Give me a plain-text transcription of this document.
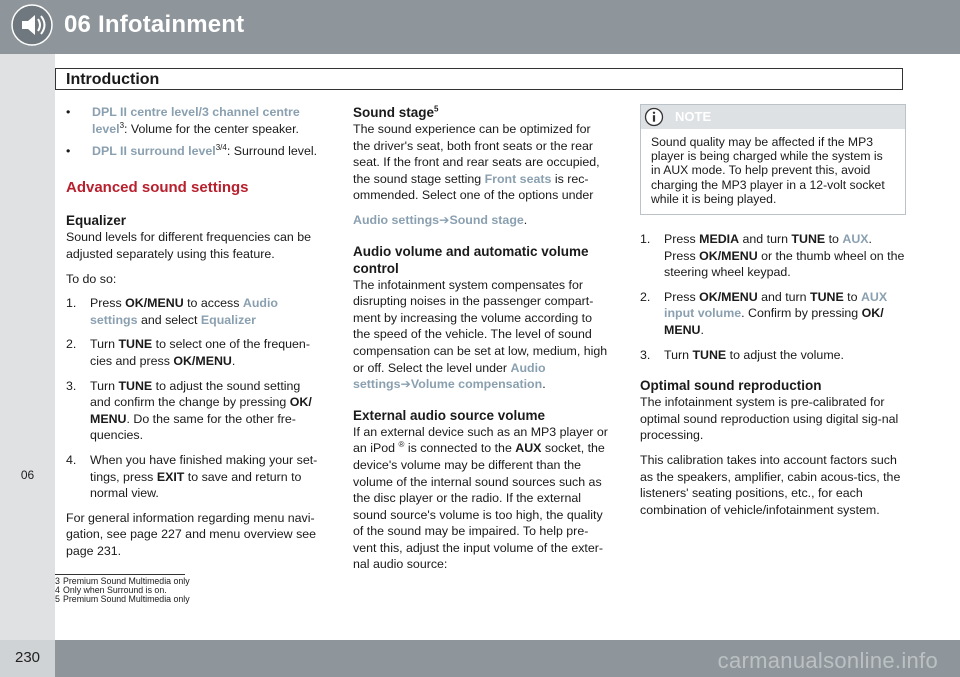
06 Infotainment
06
Introduction
• DPL II centre level/3 channel centre level$^3$: Volume for the center speaker.
• DPL II surround level$^{3/4}$: Surround level.
Advanced sound settings
Equalizer

Sound levels for different frequencies can be adjusted separately using this feature.

To do so:

1. Press OK/MENU to access Audio settings and select Equalizer
2. Turn TUNE to select one of the frequen-cies and press OK/MENU.
3. Turn TUNE to adjust the sound setting and confirm the change by pressing OK/ MENU. Do the same for the other fre-quencies.
4. When you have finished making your set-tings, press EXIT to save and return to normal view.

For general information regarding menu navi-gation, see page 227 and menu overview see page 231.

Sound stage$^5$

The sound experience can be optimized for the driver's seat, both front seats or the rear seat. If the front and rear seats are occupied, the sound stage setting Front seats is rec-ommended. Select one of the options under

Audio settings➔Sound stage.

Audio volume and automatic volume control

The infotainment system compensates for disrupting noises in the passenger compart-ment by increasing the volume according to the speed of the vehicle. The level of sound compensation can be set at low, medium, high or off. Select the level under Audio settings➔Volume compensation.

External audio source volume

If an external device such as an MP3 player or an iPod ® is connected to the AUX socket, the device's volume may be different than the volume of the internal sound sources such as the disc player or the radio. If the external sound source's volume is too high, the quality of the sound may be impaired. To help pre-vent this, adjust the input volume of the exter-nal audio source:

NOTE
Sound quality may be affected if the MP3 player is being charged while the system is in AUX mode. To help prevent this, avoid charging the MP3 player in a 12-volt socket while it is being played.
1. Press MEDIA and turn TUNE to AUX. Press OK/MENU or the thumb wheel on the steering wheel keypad.
2. Press OK/MENU and turn TUNE to AUX input volume. Confirm by pressing OK/ MENU.
3. Turn TUNE to adjust the volume.
Optimal sound reproduction

The infotainment system is pre-calibrated for optimal sound reproduction using digital sig-nal processing.

This calibration takes into account factors such as the speakers, amplifier, cabin acous-tics, the listeners' seating positions, etc., for each combination of vehicle/infotainment system.

3 Premium Sound Multimedia only
4 Only when Surround is on.
5 Premium Sound Multimedia only
230	carmanualsonline.info
